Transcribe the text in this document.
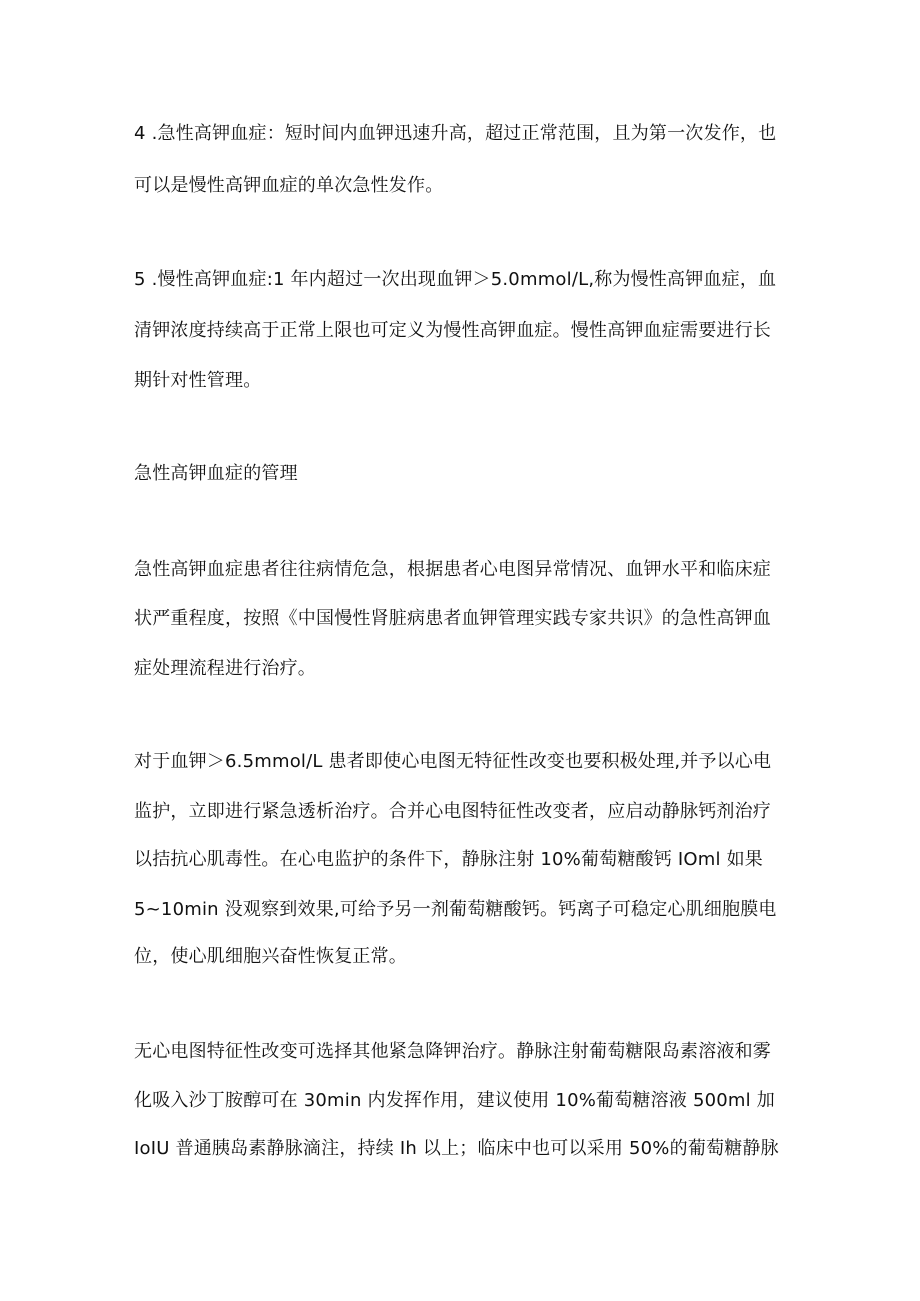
4 .急性高钾血症：短时间内血钾迅速升高，超过正常范围，且为第一次发作，也
可以是慢性高钾血症的单次急性发作。
5 .慢性高钾血症:1 年内超过一次出现血钾＞5.0mmol∕L,称为慢性高钾血症，血
清钾浓度持续高于正常上限也可定义为慢性高钾血症。慢性高钾血症需要进行长
期针对性管理。
急性高钾血症的管理
急性高钾血症患者往往病情危急，根据患者心电图异常情况、血钾水平和临床症
状严重程度，按照《中国慢性肾脏病患者血钾管理实践专家共识》的急性高钾血
症处理流程进行治疗。
对于血钾＞6.5mmol/L 患者即使心电图无特征性改变也要积极处理,并予以心电
监护，立即进行紧急透析治疗。合并心电图特征性改变者，应启动静脉钙剂治疗
以拮抗心肌毒性。在心电监护的条件下，静脉注射 10%葡萄糖酸钙 IOml 如果
5~10min 没观察到效果,可给予另一剂葡萄糖酸钙。钙离子可稳定心肌细胞膜电
位，使心肌细胞兴奋性恢复正常。
无心电图特征性改变可选择其他紧急降钾治疗。静脉注射葡萄糖限岛素溶液和雾
化吸入沙丁胺醇可在 30min 内发挥作用，建议使用 10%葡萄糖溶液 500ml 加
IoIU 普通胰岛素静脉滴注，持续 Ih 以上；临床中也可以采用 50%的葡萄糖静脉
